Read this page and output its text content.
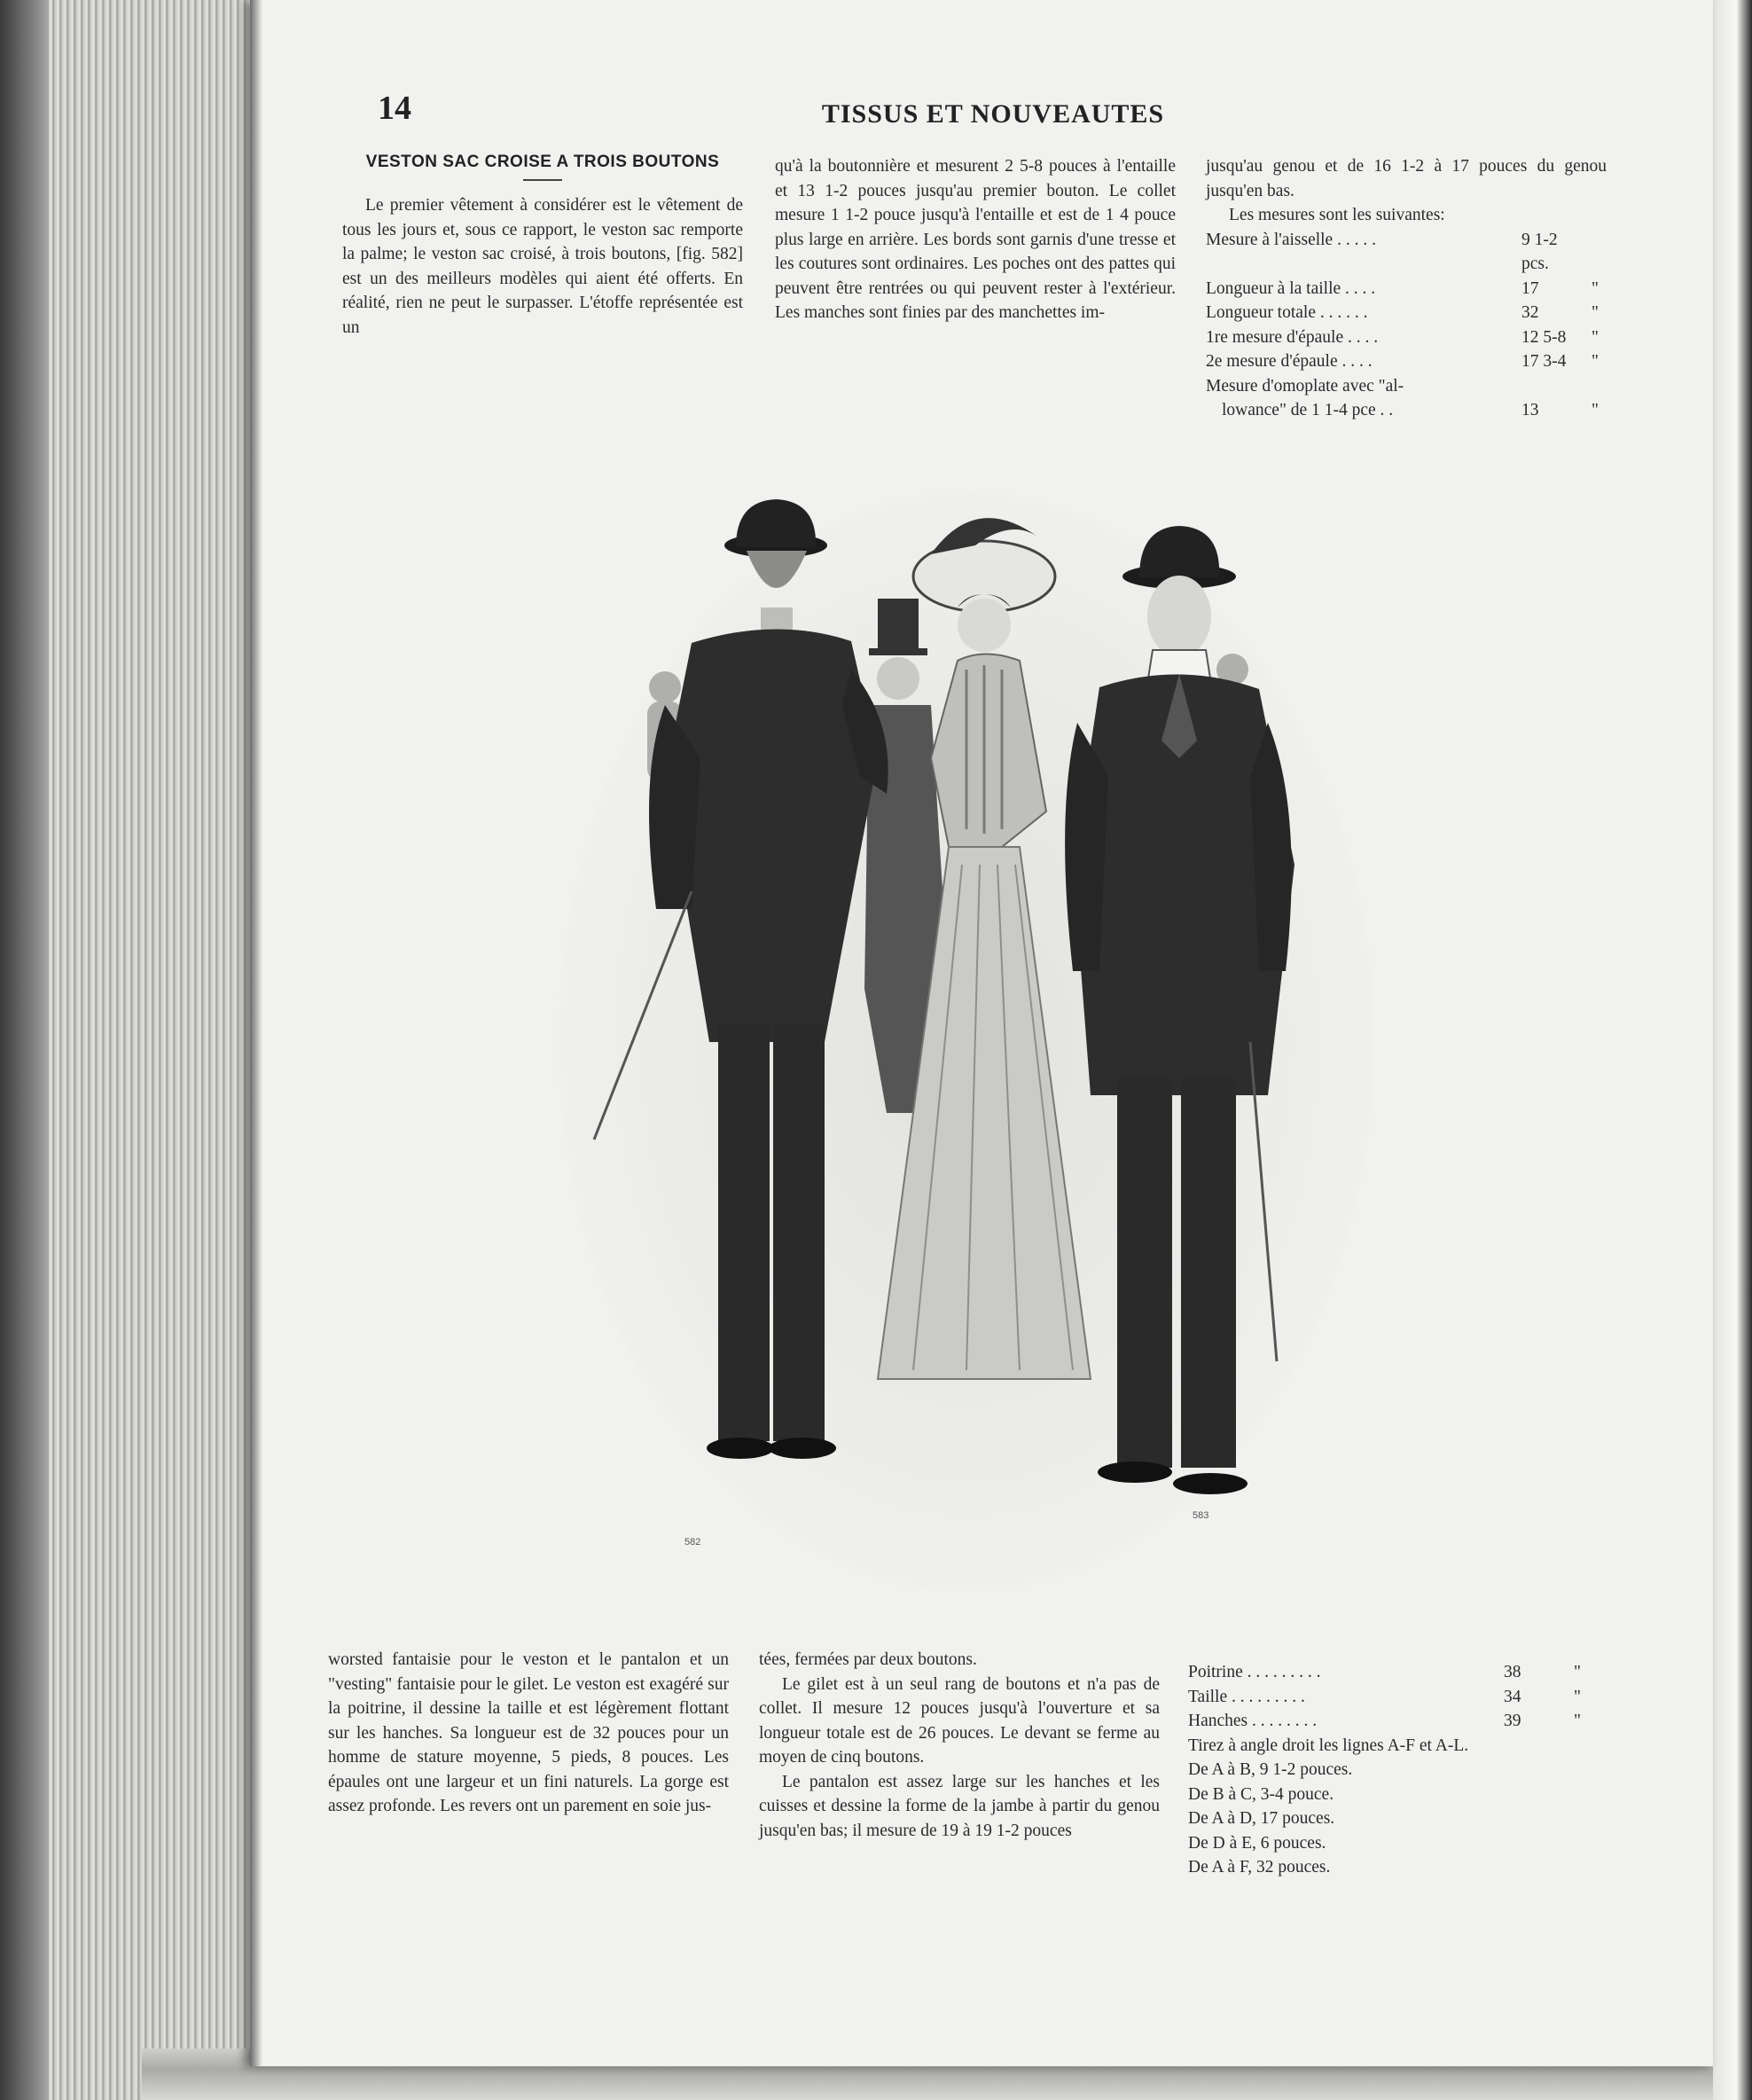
14	TISSUS ET NOUVEAUTES
VESTON SAC CROISE A TROIS BOUTONS

Le premier vêtement à considérer est le vêtement de tous les jours et, sous ce rapport, le veston sac remporte la palme; le veston sac croisé, à trois boutons, [fig. 582] est un des meilleurs modèles qui aient été offerts. En réalité, rien ne peut le surpasser. L'étoffe représentée est un

qu'à la boutonnière et mesurent 2 5-8 pouces à l'entaille et 13 1-2 pouces jusqu'au premier bouton. Le collet mesure 1 1-2 pouce jusqu'à l'entaille et est de 1 4 pouce plus large en arrière. Les bords sont garnis d'une tresse et les coutures sont ordinaires. Les poches ont des pattes qui peuvent être rentrées ou qui peuvent rester à l'extérieur. Les manches sont finies par des manchettes im-

jusqu'au genou et de 16 1-2 à 17 pouces du genou jusqu'en bas.

Les mesures sont les suivantes:

Mesure à l'aisselle . . . . .	9 1-2 pcs.	
Longueur à la taille . . . .	17	"
Longueur totale . . . . . .	32	"
1re mesure d'épaule . . . .	12 5-8	"
2e mesure d'épaule . . . .	17 3-4	"
Mesure d'omoplate avec "al-		
lowance" de 1 1-4 pce . .	13	"
582
583

worsted fantaisie pour le veston et le pantalon et un "vesting" fantaisie pour le gilet. Le veston est exagéré sur la poitrine, il dessine la taille et est légèrement flottant sur les hanches. Sa longueur est de 32 pouces pour un homme de stature moyenne, 5 pieds, 8 pouces. Les épaules ont une largeur et un fini naturels. La gorge est assez profonde. Les revers ont un parement en soie jus-

tées, fermées par deux boutons.

Le gilet est à un seul rang de boutons et n'a pas de collet. Il mesure 12 pouces jusqu'à l'ouverture et sa longueur totale est de 26 pouces. Le devant se ferme au moyen de cinq boutons.

Le pantalon est assez large sur les hanches et les cuisses et dessine la forme de la jambe à partir du genou jusqu'en bas; il mesure de 19 à 19 1-2 pouces

Poitrine . . . . . . . . .	38	"
Taille . . . . . . . . .	34	"
Hanches . . . . . . . .	39	"

Tirez à angle droit les lignes A-F et A-L.

De A à B, 9 1-2 pouces.

De B à C, 3-4 pouce.

De A à D, 17 pouces.

De D à E, 6 pouces.

De A à F, 32 pouces.
